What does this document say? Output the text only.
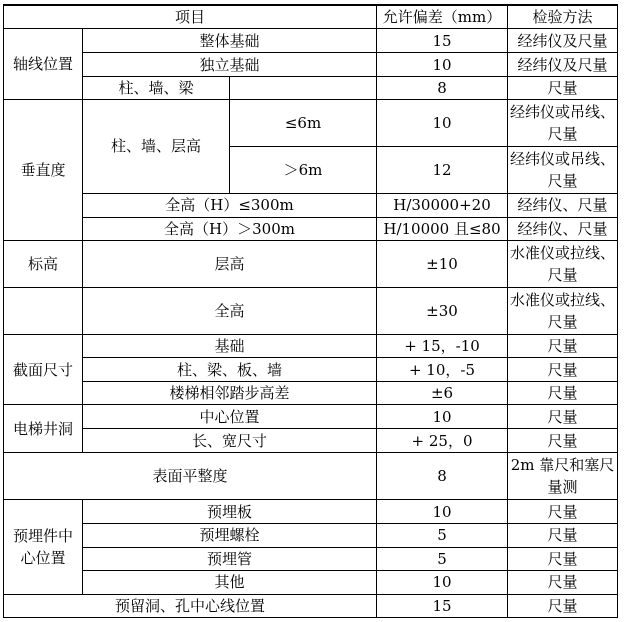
项目			允许偏差（mm）	检验方法
轴线位置	整体基础		15	经纬仪及尺量
	独立基础		10	经纬仪及尺量
	柱、墙、梁		8	尺量
垂直度	柱、墙、层高	≤6m	10	经纬仪或吊线、尺量
		＞6m	12	经纬仪或吊线、尺量
	全高（H）≤300m		H/30000+20	经纬仪、尺量
	全高（H）＞300m		H/10000 且≤80	经纬仪、尺量
标高	层高		±10	水准仪或拉线、尺量
	全高		±30	水准仪或拉线、尺量
截面尺寸	基础		+ 15，-10	尺量
	柱、梁、板、墙		+ 10，-5	尺量
	楼梯相邻踏步高差		±6	尺量
电梯井洞	中心位置		10	尺量
	长、宽尺寸		+ 25，0	尺量
表面平整度			8	2m 靠尺和塞尺量测
预埋件中心位置	预埋板		10	尺量
	预埋螺栓		5	尺量
	预埋管		5	尺量
	其他		10	尺量
预留洞、孔中心线位置			15	尺量
